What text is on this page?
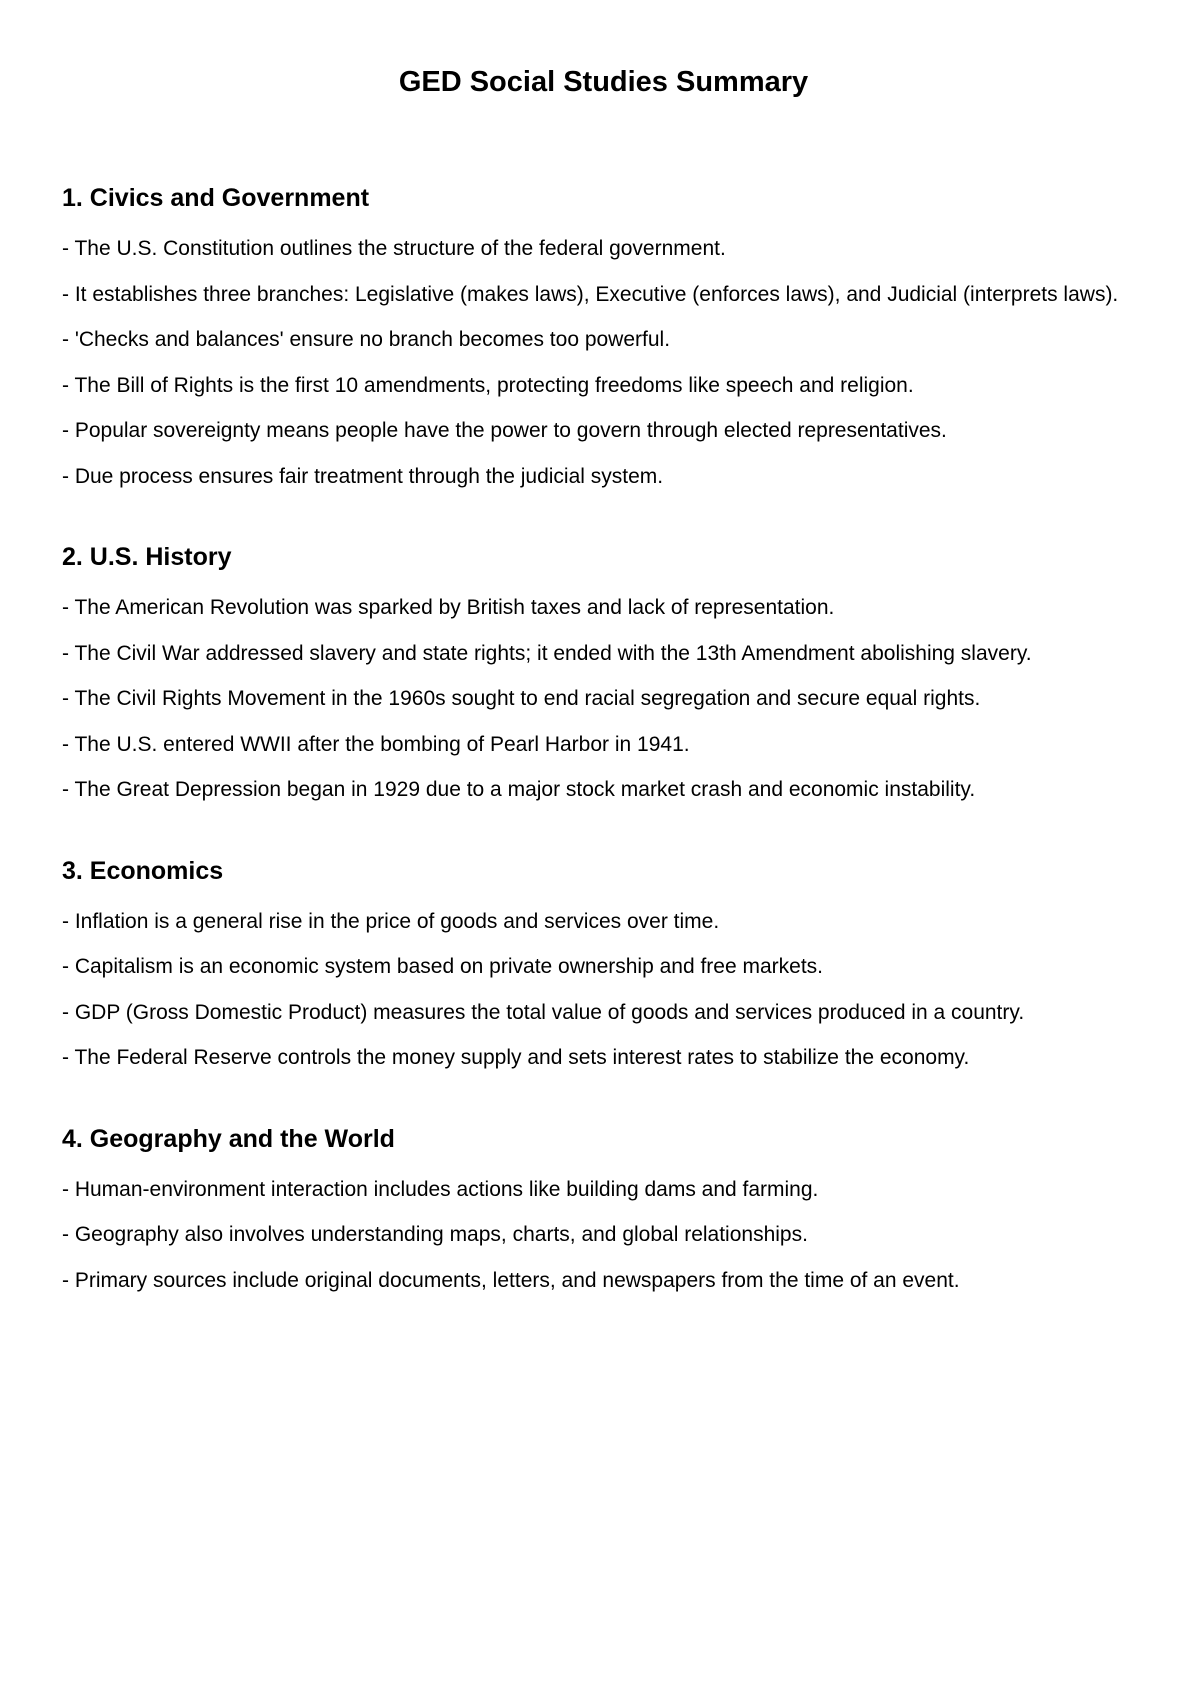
GED Social Studies Summary
1. Civics and Government

- The U.S. Constitution outlines the structure of the federal government.

- It establishes three branches: Legislative (makes laws), Executive (enforces laws), and Judicial (interprets laws).

- 'Checks and balances' ensure no branch becomes too powerful.

- The Bill of Rights is the first 10 amendments, protecting freedoms like speech and religion.

- Popular sovereignty means people have the power to govern through elected representatives.

- Due process ensures fair treatment through the judicial system.

2. U.S. History

- The American Revolution was sparked by British taxes and lack of representation.

- The Civil War addressed slavery and state rights; it ended with the 13th Amendment abolishing slavery.

- The Civil Rights Movement in the 1960s sought to end racial segregation and secure equal rights.

- The U.S. entered WWII after the bombing of Pearl Harbor in 1941.

- The Great Depression began in 1929 due to a major stock market crash and economic instability.

3. Economics

- Inflation is a general rise in the price of goods and services over time.

- Capitalism is an economic system based on private ownership and free markets.

- GDP (Gross Domestic Product) measures the total value of goods and services produced in a country.

- The Federal Reserve controls the money supply and sets interest rates to stabilize the economy.

4. Geography and the World

- Human-environment interaction includes actions like building dams and farming.

- Geography also involves understanding maps, charts, and global relationships.

- Primary sources include original documents, letters, and newspapers from the time of an event.
